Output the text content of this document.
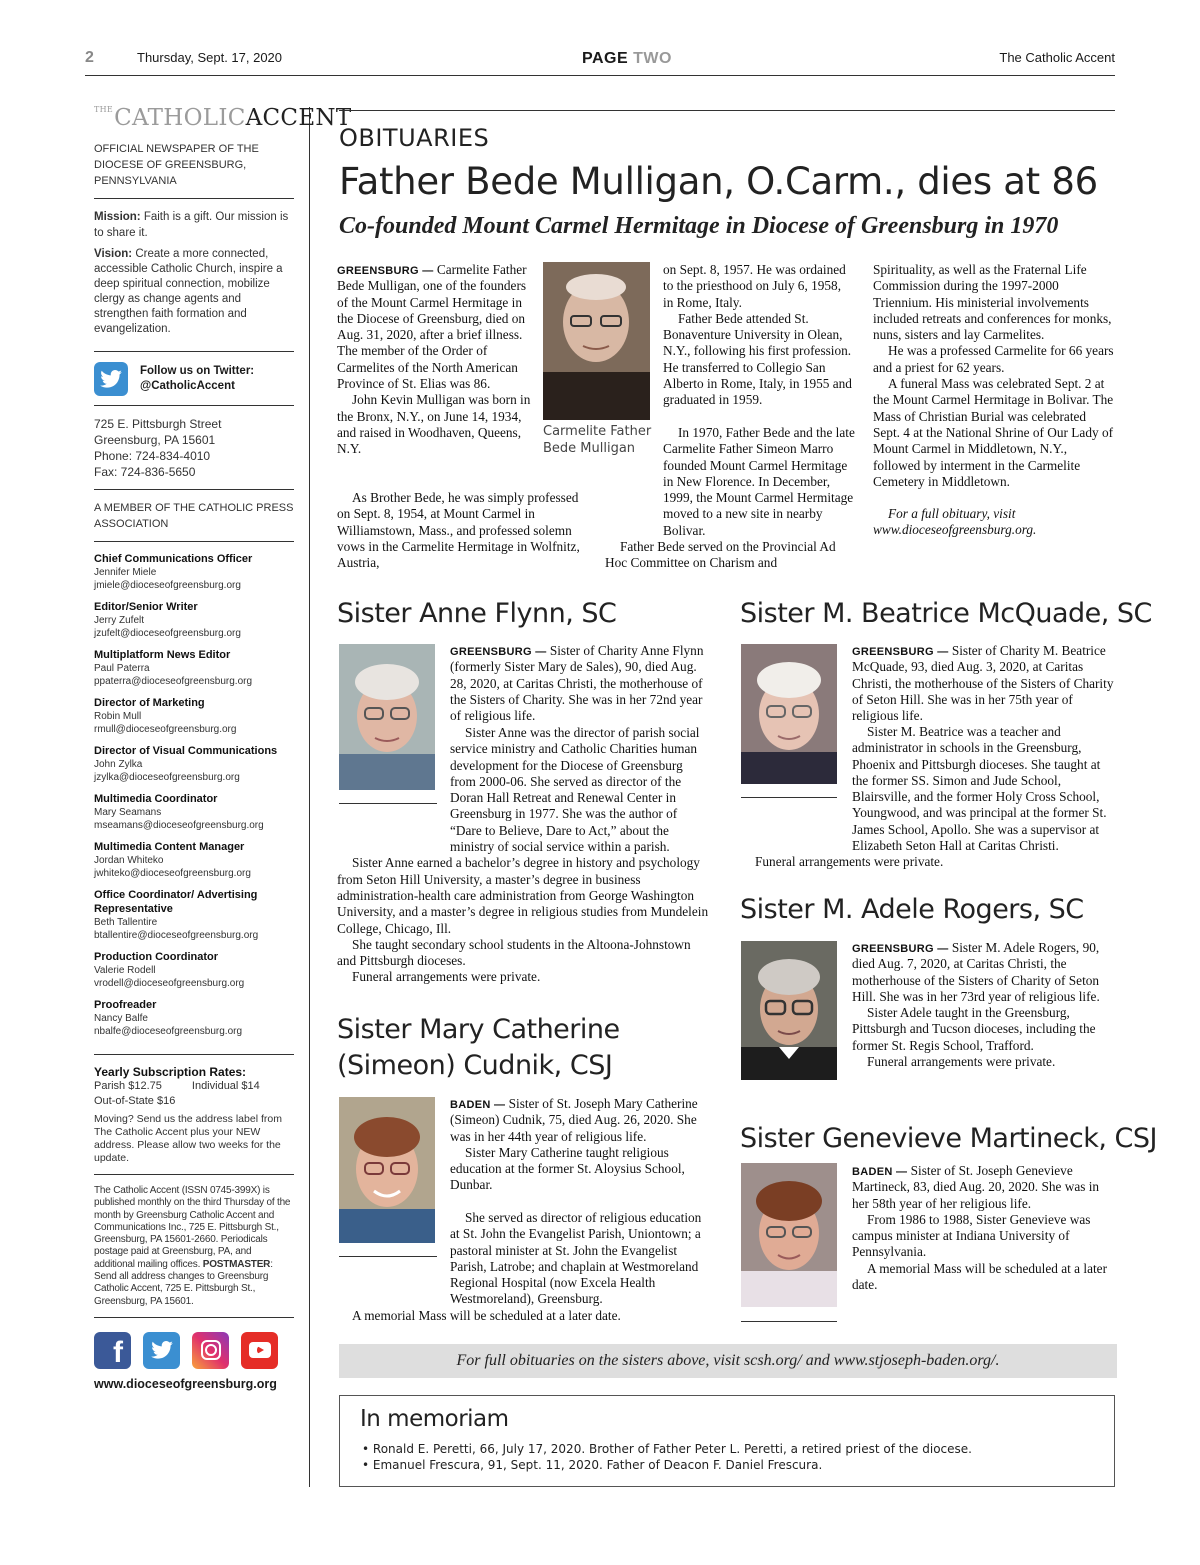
2	Thursday, Sept. 17, 2020	PAGE TWO	The Catholic Accent
$^{THE}$CATHOLICACCENT
OFFICIAL NEWSPAPER OF THE DIOCESE OF GREENSBURG, PENNSYLVANIA
Mission: Faith is a gift. Our mission is to share it.
Vision: Create a more connected, accessible Catholic Church, inspire a deep spiritual connection, mobilize clergy as change agents and strengthen faith formation and evangelization.
Follow us on Twitter:
@CatholicAccent
725 E. Pittsburgh Street
Greensburg, PA 15601
Phone: 724-834-4010
Fax: 724-836-5650
A MEMBER OF THE CATHOLIC PRESS ASSOCIATION
Chief Communications Officer
Jennifer Miele
jmiele@dioceseofgreensburg.org
Editor/Senior Writer
Jerry Zufelt
jzufelt@dioceseofgreensburg.org
Multiplatform News Editor
Paul Paterra
ppaterra@dioceseofgreensburg.org
Director of Marketing
Robin Mull
rmull@dioceseofgreensburg.org
Director of Visual Communications
John Zylka
jzylka@dioceseofgreensburg.org
Multimedia Coordinator
Mary Seamans
mseamans@dioceseofgreensburg.org
Multimedia Content Manager
Jordan Whiteko
jwhiteko@dioceseofgreensburg.org
Office Coordinator/ Advertising Representative
Beth Tallentire
btallentire@dioceseofgreensburg.org
Production Coordinator
Valerie Rodell
vrodell@dioceseofgreensburg.org
Proofreader
Nancy Balfe
nbalfe@dioceseofgreensburg.org
Yearly Subscription Rates:
Parish $12.75	Individual $14
Out-of-State $16
Moving? Send us the address label from The Catholic Accent plus your NEW address. Please allow two weeks for the update.
The Catholic Accent (ISSN 0745-399X) is published monthly on the third Thursday of the month by Greensburg Catholic Accent and Communications Inc., 725 E. Pittsburgh St., Greensburg, PA 15601-2660. Periodicals postage paid at Greensburg, PA, and additional mailing offices. POSTMASTER: Send all address changes to Greensburg Catholic Accent, 725 E. Pittsburgh St., Greensburg, PA 15601.
f
www.dioceseofgreensburg.org
OBITUARIES
Father Bede Mulligan, O.Carm., dies at 86
Co-founded Mount Carmel Hermitage in Diocese of Greensburg in 1970

GREENSBURG — Carmelite Father Bede Mulligan, one of the founders of the Mount Carmel Hermitage in the Diocese of Greensburg, died on Aug. 31, 2020, after a brief illness. The member of the Order of Carmelites of the North American Province of St. Elias was 86.

John Kevin Mulligan was born in the Bronx, N.Y., on June 14, 1934, and raised in Woodhaven, Queens, N.Y.

As Brother Bede, he was simply professed on Sept. 8, 1954, at Mount Carmel in Williamstown, Mass., and professed solemn vows in the Carmelite Hermitage in Wolfnitz, Austria,

Carmelite Father Bede Mulligan

on Sept. 8, 1957. He was ordained to the priesthood on July 6, 1958, in Rome, Italy.

Father Bede attended St. Bonaventure University in Olean, N.Y., following his first profession. He transferred to Collegio San Alberto in Rome, Italy, in 1955 and graduated in 1959.

In 1970, Father Bede and the late Carmelite Father Simeon Marro founded Mount Carmel Hermitage in New Florence. In December, 1999, the Mount Carmel Hermitage moved to a new site in nearby Bolivar.

Father Bede served on the Provincial Ad Hoc Committee on Charism and

Spirituality, as well as the Fraternal Life Commission during the 1997-2000 Triennium. His ministerial involvements included retreats and conferences for monks, nuns, sisters and lay Carmelites.

He was a professed Carmelite for 66 years and a priest for 62 years.

A funeral Mass was celebrated Sept. 2 at the Mount Carmel Hermitage in Bolivar. The Mass of Christian Burial was celebrated Sept. 4 at the National Shrine of Our Lady of Mount Carmel in Middletown, N.Y., followed by interment in the Carmelite Cemetery in Middletown.

For a full obituary, visit www.dioceseofgreensburg.org.

Sister Anne Flynn, SC

GREENSBURG — Sister of Charity Anne Flynn (formerly Sister Mary de Sales), 90, died Aug. 28, 2020, at Caritas Christi, the motherhouse of the Sisters of Charity. She was in her 72nd year of religious life.

Sister Anne was the director of parish social service ministry and Catholic Charities human development for the Diocese of Greensburg from 2000-06. She served as director of the Doran Hall Retreat and Renewal Center in Greensburg in 1977. She was the author of “Dare to Believe, Dare to Act,” about the ministry of social service within a parish.

Sister Anne earned a bachelor’s degree in history and psychology from Seton Hill University, a master’s degree in business administration-health care administration from George Washington University, and a master’s degree in religious studies from Mundelein College, Chicago, Ill.

She taught secondary school students in the Altoona-Johnstown and Pittsburgh dioceses.

Funeral arrangements were private.

Sister Mary Catherine
(Simeon) Cudnik, CSJ

BADEN — Sister of St. Joseph Mary Catherine (Simeon) Cudnik, 75, died Aug. 26, 2020. She was in her 44th year of religious life.

Sister Mary Catherine taught religious education at the former St. Aloysius School, Dunbar.

She served as director of religious education at St. John the Evangelist Parish, Uniontown; a pastoral minister at St. John the Evangelist Parish, Latrobe; and chaplain at Westmoreland Regional Hospital (now Excela Health Westmoreland), Greensburg.

A memorial Mass will be scheduled at a later date.

Sister M. Beatrice McQuade, SC

GREENSBURG — Sister of Charity M. Beatrice McQuade, 93, died Aug. 3, 2020, at Caritas Christi, the motherhouse of the Sisters of Charity of Seton Hill. She was in her 75th year of religious life.

Sister M. Beatrice was a teacher and administrator in schools in the Greensburg, Phoenix and Pittsburgh dioceses. She taught at the former SS. Simon and Jude School, Blairsville, and the former Holy Cross School, Youngwood, and was principal at the former St. James School, Apollo. She was a supervisor at Elizabeth Seton Hall at Caritas Christi.

Funeral arrangements were private.

Sister M. Adele Rogers, SC

GREENSBURG — Sister M. Adele Rogers, 90, died Aug. 7, 2020, at Caritas Christi, the motherhouse of the Sisters of Charity of Seton Hill. She was in her 73rd year of religious life.

Sister Adele taught in the Greensburg, Pittsburgh and Tucson dioceses, including the former St. Regis School, Trafford.

Funeral arrangements were private.

Sister Genevieve Martineck, CSJ

BADEN — Sister of St. Joseph Genevieve Martineck, 83, died Aug. 20, 2020. She was in her 58th year of her religious life.

From 1986 to 1988, Sister Genevieve was campus minister at Indiana University of Pennsylvania.

A memorial Mass will be scheduled at a later date.

For full obituaries on the sisters above, visit scsh.org/ and www.stjoseph-baden.org/.
In memoriam
• Ronald E. Peretti, 66, July 17, 2020. Brother of Father Peter L. Peretti, a retired priest of the diocese.
• Emanuel Frescura, 91, Sept. 11, 2020. Father of Deacon F. Daniel Frescura.
